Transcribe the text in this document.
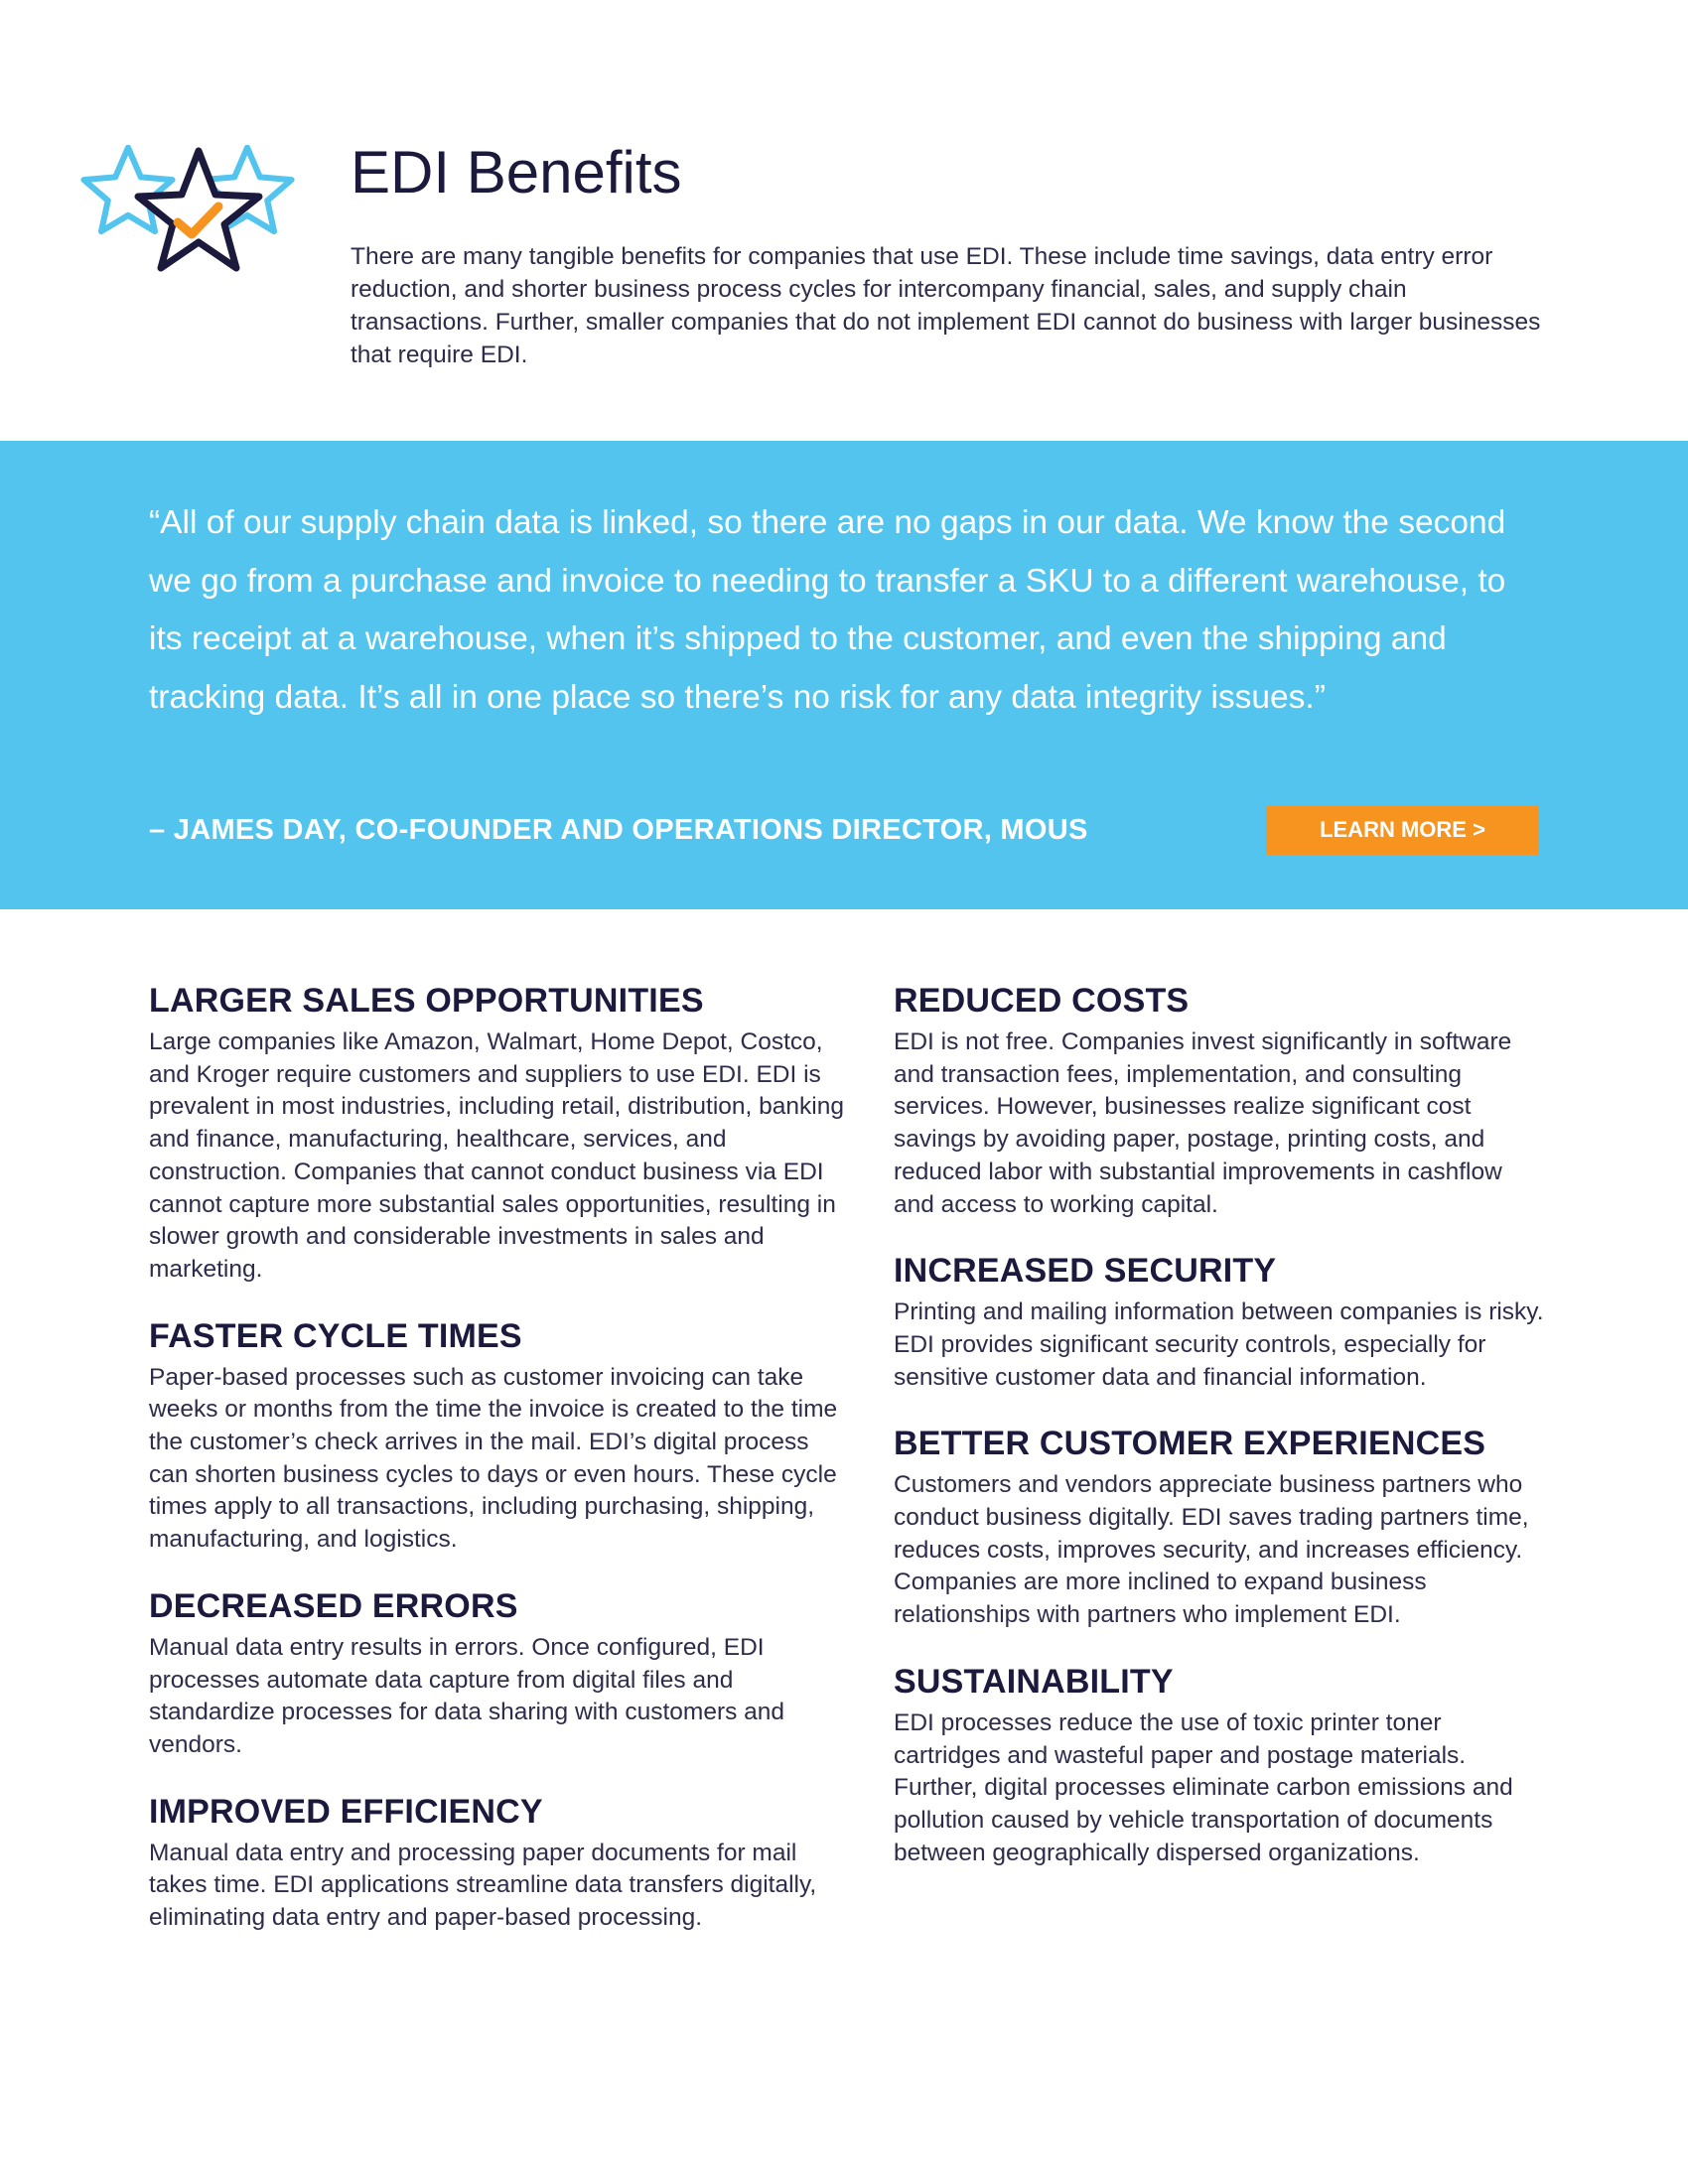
EDI Benefits

There are many tangible benefits for companies that use EDI. These include time savings, data entry error reduction, and shorter business process cycles for intercompany financial, sales, and supply chain transactions. Further, smaller companies that do not implement EDI cannot do business with larger businesses that require EDI.

“All of our supply chain data is linked, so there are no gaps in our data. We know the second we go from a purchase and invoice to needing to transfer a SKU to a different warehouse, to its receipt at a warehouse, when it’s shipped to the customer, and even the shipping and tracking data. It’s all in one place so there’s no risk for any data integrity issues.”

– JAMES DAY, CO-FOUNDER AND OPERATIONS DIRECTOR, MOUS	LEARN MORE >
LARGER SALES OPPORTUNITIES

Large companies like Amazon, Walmart, Home Depot, Costco, and Kroger require customers and suppliers to use EDI. EDI is prevalent in most industries, including retail, distribution, banking and finance, manufacturing, healthcare, services, and construction. Companies that cannot conduct business via EDI cannot capture more substantial sales opportunities, resulting in slower growth and considerable investments in sales and marketing.

FASTER CYCLE TIMES

Paper-based processes such as customer invoicing can take weeks or months from the time the invoice is created to the time the customer’s check arrives in the mail. EDI’s digital process can shorten business cycles to days or even hours. These cycle times apply to all transactions, including purchasing, shipping, manufacturing, and logistics.

DECREASED ERRORS

Manual data entry results in errors. Once configured, EDI processes automate data capture from digital files and standardize processes for data sharing with customers and vendors.

IMPROVED EFFICIENCY

Manual data entry and processing paper documents for mail takes time. EDI applications streamline data transfers digitally, eliminating data entry and paper-based processing.

REDUCED COSTS

EDI is not free. Companies invest significantly in software and transaction fees, implementation, and consulting services. However, businesses realize significant cost savings by avoiding paper, postage, printing costs, and reduced labor with substantial improvements in cashflow and access to working capital.

INCREASED SECURITY

Printing and mailing information between companies is risky. EDI provides significant security controls, especially for sensitive customer data and financial information.

BETTER CUSTOMER EXPERIENCES

Customers and vendors appreciate business partners who conduct business digitally. EDI saves trading partners time, reduces costs, improves security, and increases efficiency. Companies are more inclined to expand business relationships with partners who implement EDI.

SUSTAINABILITY

EDI processes reduce the use of toxic printer toner cartridges and wasteful paper and postage materials. Further, digital processes eliminate carbon emissions and pollution caused by vehicle transportation of documents between geographically dispersed organizations.
